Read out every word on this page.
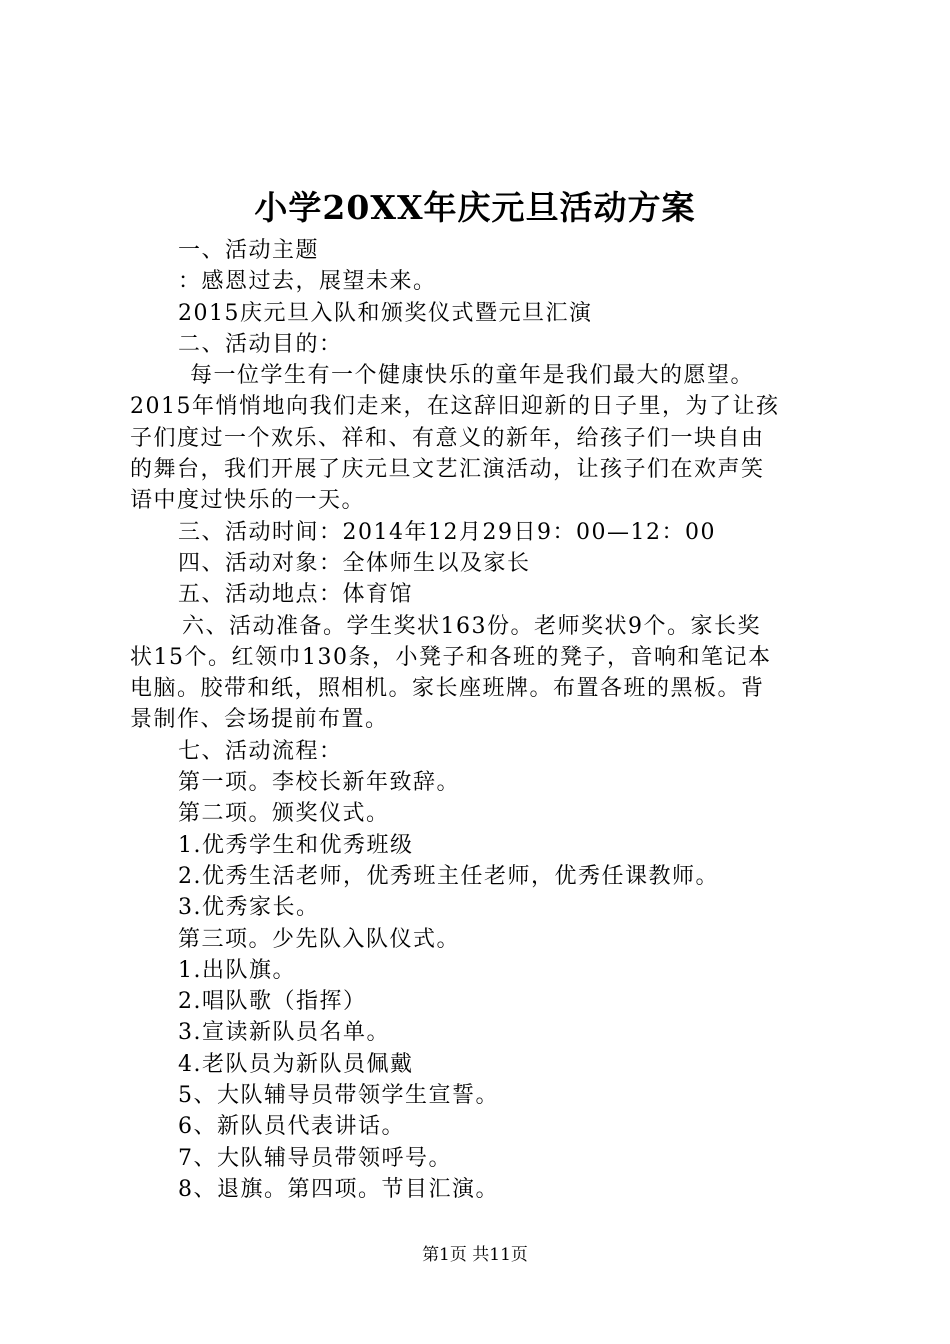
小学20XX年庆元旦活动方案
一、活动主题
：感恩过去，展望未来。
2015庆元旦入队和颁奖仪式暨元旦汇演
二、活动目的：
每一位学生有一个健康快乐的童年是我们最大的愿望。
2015年悄悄地向我们走来，在这辞旧迎新的日子里，为了让孩
子们度过一个欢乐、祥和、有意义的新年，给孩子们一块自由
的舞台，我们开展了庆元旦文艺汇演活动，让孩子们在欢声笑
语中度过快乐的一天。
三、活动时间：2014年12月29日9：00—12：00
四、活动对象：全体师生以及家长
五、活动地点：体育馆
六、活动准备。学生奖状163份。老师奖状9个。家长奖
状15个。红领巾130条，小凳子和各班的凳子，音响和笔记本
电脑。胶带和纸，照相机。家长座班牌。布置各班的黑板。背
景制作、会场提前布置。
七、活动流程：
第一项。李校长新年致辞。
第二项。颁奖仪式。
1.优秀学生和优秀班级
2.优秀生活老师，优秀班主任老师，优秀任课教师。
3.优秀家长。
第三项。少先队入队仪式。
1.出队旗。
2.唱队歌（指挥）
3.宣读新队员名单。
4.老队员为新队员佩戴
5、大队辅导员带领学生宣誓。
6、新队员代表讲话。
7、大队辅导员带领呼号。
8、退旗。第四项。节目汇演。
第1页 共11页
